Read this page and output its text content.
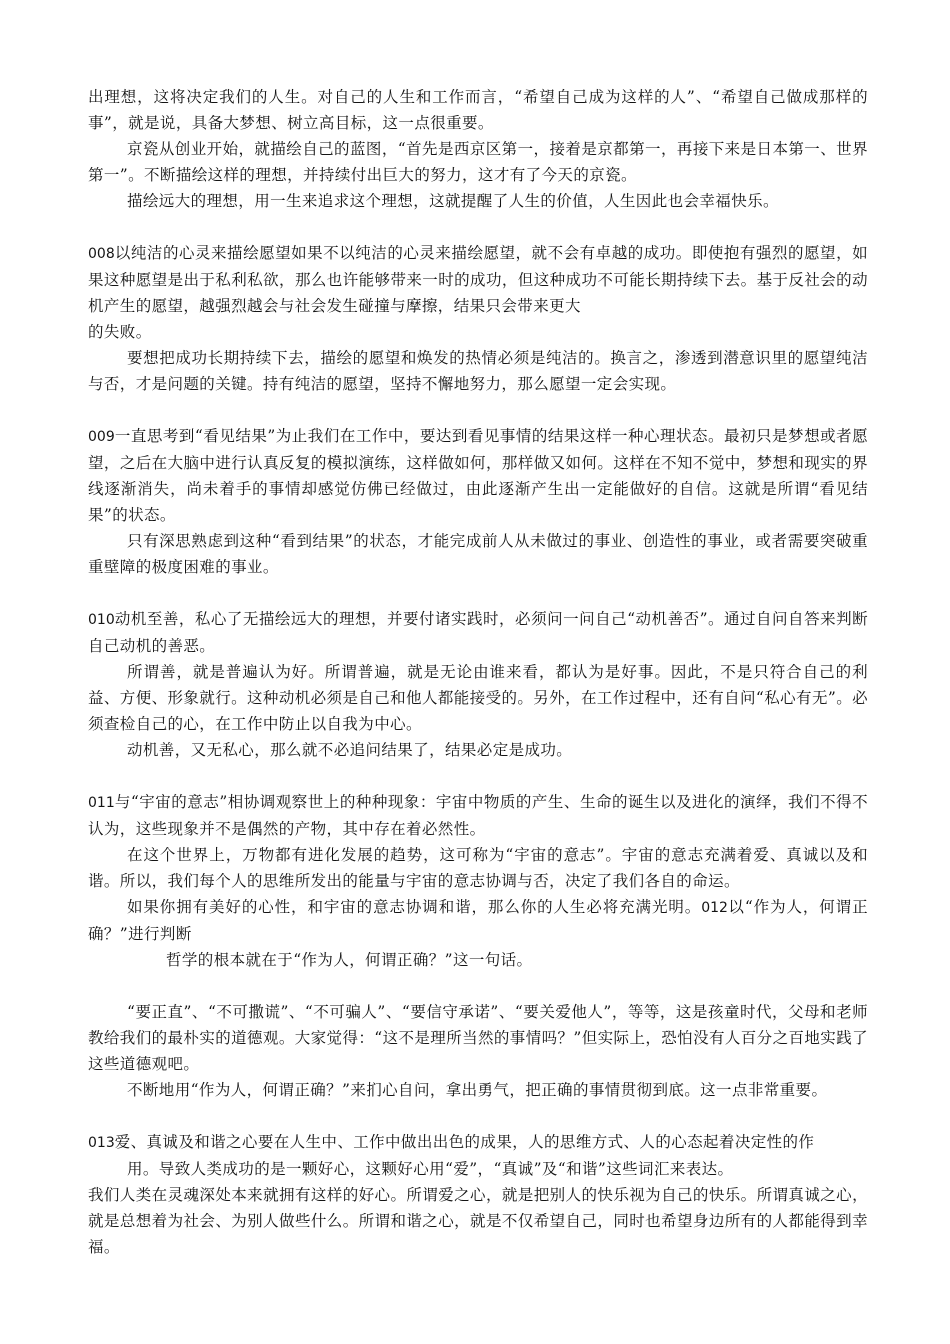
出理想，这将决定我们的人生。对自己的人生和工作而言，“希望自己成为这样的人”、“希望自己做成那样的事”，就是说，具备大梦想、树立高目标，这一点很重要。

京瓷从创业开始，就描绘自己的蓝图，“首先是西京区第一，接着是京都第一，再接下来是日本第一、世界第一”。不断描绘这样的理想，并持续付出巨大的努力，这才有了今天的京瓷。

描绘远大的理想，用一生来追求这个理想，这就提醒了人生的价值，人生因此也会幸福快乐。

008以纯洁的心灵来描绘愿望如果不以纯洁的心灵来描绘愿望，就不会有卓越的成功。即使抱有强烈的愿望，如果这种愿望是出于私利私欲，那么也许能够带来一时的成功，但这种成功不可能长期持续下去。基于反社会的动机产生的愿望，越强烈越会与社会发生碰撞与摩擦，结果只会带来更大

的失败。

要想把成功长期持续下去，描绘的愿望和焕发的热情必须是纯洁的。换言之，渗透到潜意识里的愿望纯洁与否，才是问题的关键。持有纯洁的愿望，坚持不懈地努力，那么愿望一定会实现。

009一直思考到“看见结果”为止我们在工作中，要达到看见事情的结果这样一种心理状态。最初只是梦想或者愿望，之后在大脑中进行认真反复的模拟演练，这样做如何，那样做又如何。这样在不知不觉中，梦想和现实的界线逐渐消失，尚未着手的事情却感觉仿佛已经做过，由此逐渐产生出一定能做好的自信。这就是所谓“看见结果”的状态。

只有深思熟虑到这种“看到结果”的状态，才能完成前人从未做过的事业、创造性的事业，或者需要突破重重壁障的极度困难的事业。

010动机至善，私心了无描绘远大的理想，并要付诸实践时，必须问一问自己“动机善否”。通过自问自答来判断自己动机的善恶。

所谓善，就是普遍认为好。所谓普遍，就是无论由谁来看，都认为是好事。因此，不是只符合自己的利益、方便、形象就行。这种动机必须是自己和他人都能接受的。另外，在工作过程中，还有自问“私心有无”。必须查检自己的心，在工作中防止以自我为中心。

动机善，又无私心，那么就不必追问结果了，结果必定是成功。

011与“宇宙的意志”相协调观察世上的种种现象：宇宙中物质的产生、生命的诞生以及进化的演绎，我们不得不认为，这些现象并不是偶然的产物，其中存在着必然性。

在这个世界上，万物都有进化发展的趋势，这可称为“宇宙的意志”。宇宙的意志充满着爱、真诚以及和谐。所以，我们每个人的思维所发出的能量与宇宙的意志协调与否，决定了我们各自的命运。

如果你拥有美好的心性，和宇宙的意志协调和谐，那么你的人生必将充满光明。012以“作为人，何谓正确？”进行判断

哲学的根本就在于“作为人，何谓正确？”这一句话。

“要正直”、“不可撒谎”、“不可骗人”、“要信守承诺”、“要关爱他人”，等等，这是孩童时代，父母和老师教给我们的最朴实的道德观。大家觉得：“这不是理所当然的事情吗？”但实际上，恐怕没有人百分之百地实践了这些道德观吧。

不断地用“作为人，何谓正确？”来扪心自问，拿出勇气，把正确的事情贯彻到底。这一点非常重要。

013爱、真诚及和谐之心要在人生中、工作中做出出色的成果，人的思维方式、人的心态起着决定性的作

用。导致人类成功的是一颗好心，这颗好心用“爱”，“真诚”及“和谐”这些词汇来表达。

我们人类在灵魂深处本来就拥有这样的好心。所谓爱之心，就是把别人的快乐视为自己的快乐。所谓真诚之心，就是总想着为社会、为别人做些什么。所谓和谐之心，就是不仅希望自己，同时也希望身边所有的人都能得到幸福。
